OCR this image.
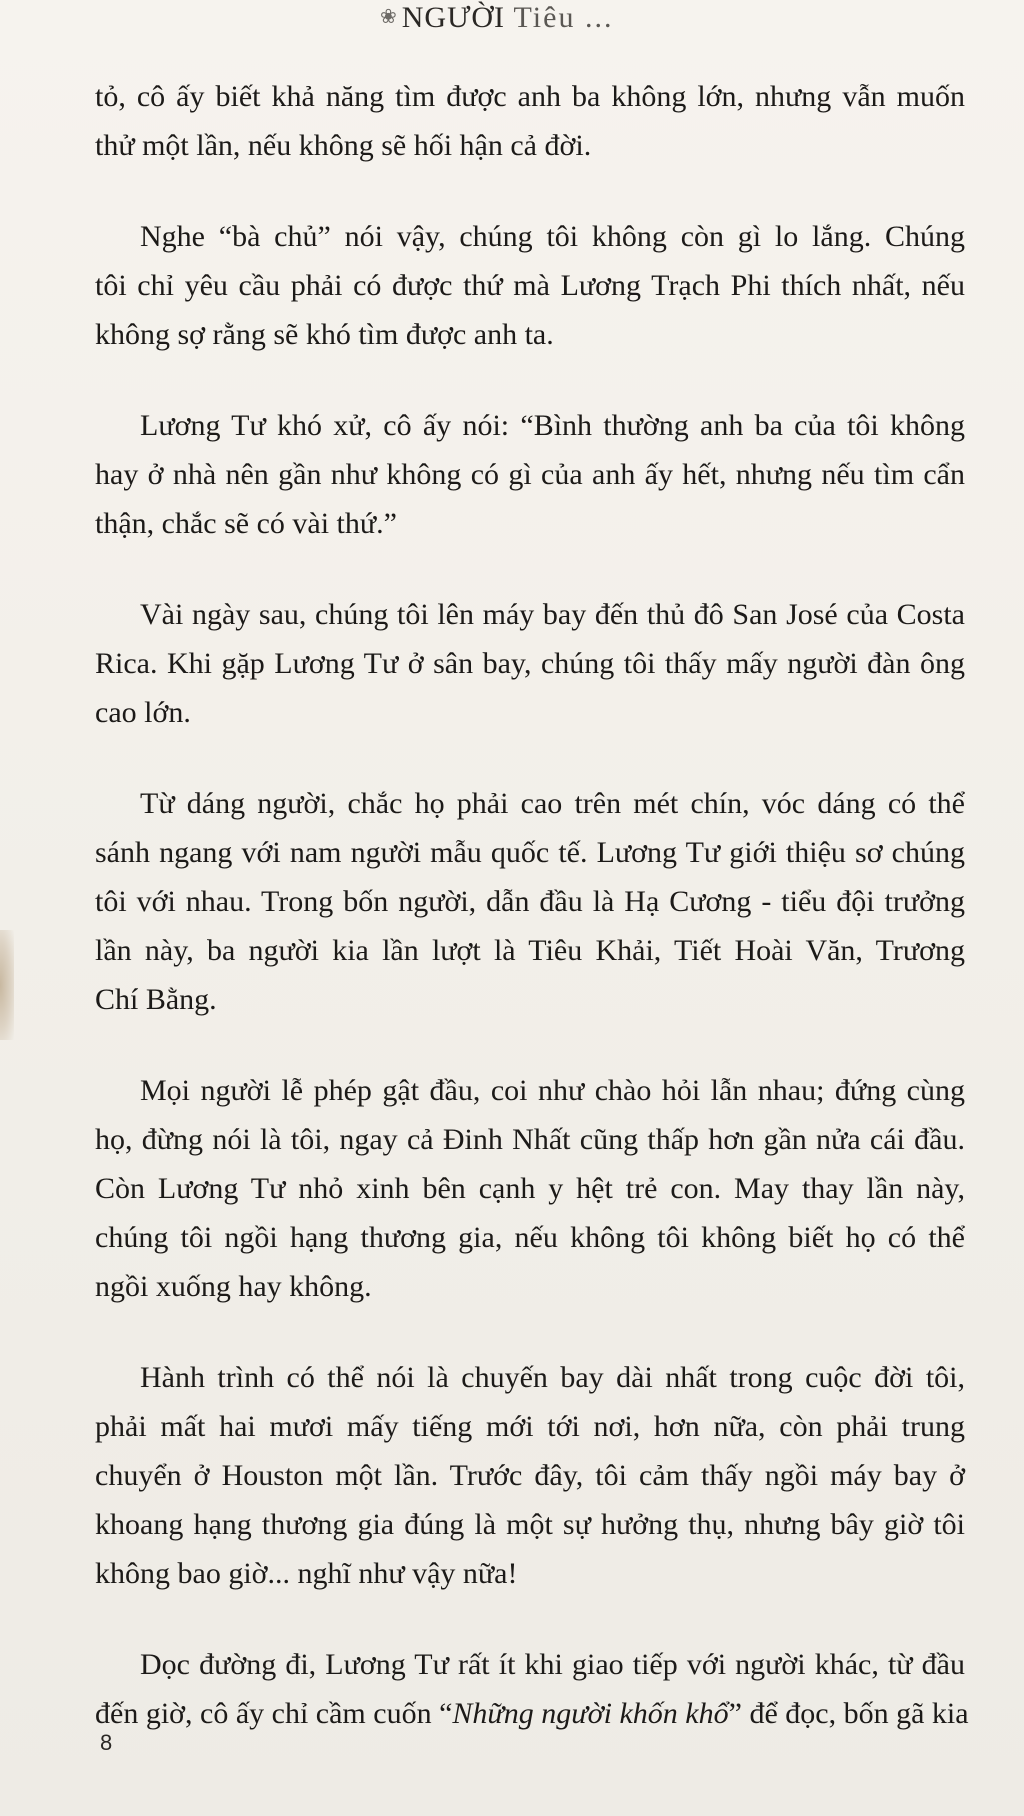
❀ NGƯỜI Tiêu ...
tỏ, cô ấy biết khả năng tìm được anh ba không lớn, nhưng vẫn muốn
thử một lần, nếu không sẽ hối hận cả đời.
Nghe “bà chủ” nói vậy, chúng tôi không còn gì lo lắng. Chúng
tôi chỉ yêu cầu phải có được thứ mà Lương Trạch Phi thích nhất, nếu
không sợ rằng sẽ khó tìm được anh ta.
Lương Tư khó xử, cô ấy nói: “Bình thường anh ba của tôi không
hay ở nhà nên gần như không có gì của anh ấy hết, nhưng nếu tìm cẩn
thận, chắc sẽ có vài thứ.”
Vài ngày sau, chúng tôi lên máy bay đến thủ đô San José của Costa
Rica. Khi gặp Lương Tư ở sân bay, chúng tôi thấy mấy người đàn ông
cao lớn.
Từ dáng người, chắc họ phải cao trên mét chín, vóc dáng có thể
sánh ngang với nam người mẫu quốc tế. Lương Tư giới thiệu sơ chúng
tôi với nhau. Trong bốn người, dẫn đầu là Hạ Cương - tiểu đội trưởng
lần này, ba người kia lần lượt là Tiêu Khải, Tiết Hoài Văn, Trương
Chí Bằng.
Mọi người lễ phép gật đầu, coi như chào hỏi lẫn nhau; đứng cùng
họ, đừng nói là tôi, ngay cả Đinh Nhất cũng thấp hơn gần nửa cái đầu.
Còn Lương Tư nhỏ xinh bên cạnh y hệt trẻ con. May thay lần này,
chúng tôi ngồi hạng thương gia, nếu không tôi không biết họ có thể
ngồi xuống hay không.
Hành trình có thể nói là chuyến bay dài nhất trong cuộc đời tôi,
phải mất hai mươi mấy tiếng mới tới nơi, hơn nữa, còn phải trung
chuyển ở Houston một lần. Trước đây, tôi cảm thấy ngồi máy bay ở
khoang hạng thương gia đúng là một sự hưởng thụ, nhưng bây giờ tôi
không bao giờ... nghĩ như vậy nữa!
Dọc đường đi, Lương Tư rất ít khi giao tiếp với người khác, từ đầu
đến giờ, cô ấy chỉ cầm cuốn “Những người khốn khổ” để đọc, bốn gã kia
8
